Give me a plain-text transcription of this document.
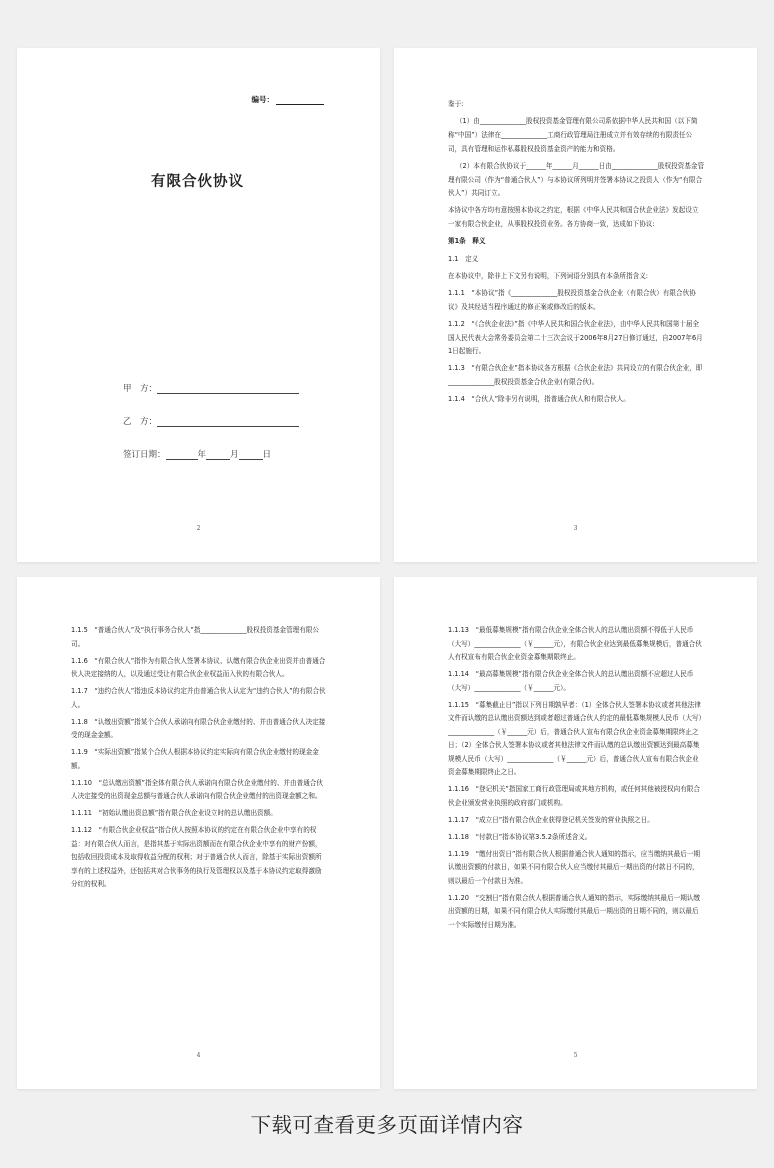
编号：
有限合伙协议
甲　方：
乙　方：
签订日期：	年	月	日
2

鉴于:

（1）由______________股权投资基金管理有限公司系依据中华人民共和国（以下简称“中国”）法律在______________工商行政管理局注册成立并有效存续的有限责任公司，具有管理和运作私募股权投资基金资产的能力和资格。

（2）本有限合伙协议于______年______月______日由______________股权投资基金管理有限公司（作为“普通合伙人”）与本协议所列明并签署本协议之投资人（作为“有限合伙人”）共同订立。

本协议中各方均有意按照本协议之约定，根据《中华人民共和国合伙企业法》发起设立一家有限合伙企业，从事股权投资业务。各方协商一致，达成如下协议:

第1条　释义

1.1　定义

在本协议中，除非上下文另有说明，下列词语分别具有本条所指含义:

1.1.1　“本协议”指《______________股权投资基金合伙企业（有限合伙）有限合伙协议》及其经适当程序通过的修正案或修改后的版本。

1.1.2　“《合伙企业法》”指《中华人民共和国合伙企业法》，由中华人民共和国第十届全国人民代表大会常务委员会第二十三次会议于2006年8月27日修订通过，自2007年6月1日起施行。

1.1.3　“有限合伙企业”指本协议各方根据《合伙企业法》共同设立的有限合伙企业，即______________股权投资基金合伙企业(有限合伙)。

1.1.4　“合伙人”除非另有说明，指普通合伙人和有限合伙人。

3

1.1.5　“普通合伙人”及“执行事务合伙人”指______________股权投资基金管理有限公司。

1.1.6　“有限合伙人”指作为有限合伙人签署本协议、认缴有限合伙企业出资并由普通合伙人决定接纳的人，以及通过受让有限合伙企业权益而入伙的有限合伙人。

1.1.7　“违约合伙人”指违反本协议约定并由普通合伙人认定为“违约合伙人”的有限合伙人。

1.1.8　“认缴出资额”指某个合伙人承诺向有限合伙企业缴付的、并由普通合伙人决定接受的现金金额。

1.1.9　“实际出资额”指某个合伙人根据本协议约定实际向有限合伙企业缴付的现金金额。

1.1.10　“总认缴出资额”指全体有限合伙人承诺向有限合伙企业缴付的、并由普通合伙人决定接受的出资现金总额与普通合伙人承诺向有限合伙企业缴付的出资现金额之和。

1.1.11　“初始认缴出资总额”指有限合伙企业设立时的总认缴出资额。

1.1.12　“有限合伙企业权益”指合伙人按照本协议的约定在有限合伙企业中享有的权益：对有限合伙人而言，是指其基于实际出资额而在有限合伙企业中享有的财产份额，包括收回投资成本及取得收益分配的权利；对于普通合伙人而言，除基于实际出资额所享有的上述权益外，还包括其对合伙事务的执行及管理权以及基于本协议约定取得激励分红的权利。

4

1.1.13　“最低募集规模”指有限合伙企业全体合伙人的总认缴出资额不得低于人民币（大写）______________（￥______元），有限合伙企业达到最低募集规模后，普通合伙人有权宣布有限合伙企业资金募集期限终止。

1.1.14　“最高募集规模”指有限合伙企业全体合伙人的总认缴出资额不应超过人民币（大写）______________（￥______元）。

1.1.15　“募集截止日”指以下列日期孰早者：（1）全体合伙人签署本协议或者其他法律文件而认缴的总认缴出资额达到或者超过普通合伙人约定的最低募集规模人民币（大写）______________（￥______元）后，普通合伙人宣布有限合伙企业资金募集期限终止之日；（2）全体合伙人签署本协议或者其他法律文件而认缴的总认缴出资额达到最高募集规模人民币（大写）______________（￥______元）后，普通合伙人宣布有限合伙企业资金募集期限终止之日。

1.1.16　“登记机关”指国家工商行政管理局或其地方机构，或任何其他被授权向有限合伙企业颁发营业执照的政府部门或机构。

1.1.17　“成立日”指有限合伙企业获得登记机关签发的营业执照之日。

1.1.18　“付款日”指本协议第3.5.2条所述含义。

1.1.19　“缴付出资日”指有限合伙人根据普通合伙人通知的指示，应当缴纳其最后一期认缴出资额的付款日，如果不同有限合伙人应当缴付其最后一期出资的付款日不同的，则以最后一个付款日为准。

1.1.20　“交割日”指有限合伙人根据普通合伙人通知的指示，实际缴纳其最后一期认缴出资额的日期，如果不同有限合伙人实际缴付其最后一期出资的日期不同的，则以最后一个实际缴付日期为准。

5
下载可查看更多页面详情内容
